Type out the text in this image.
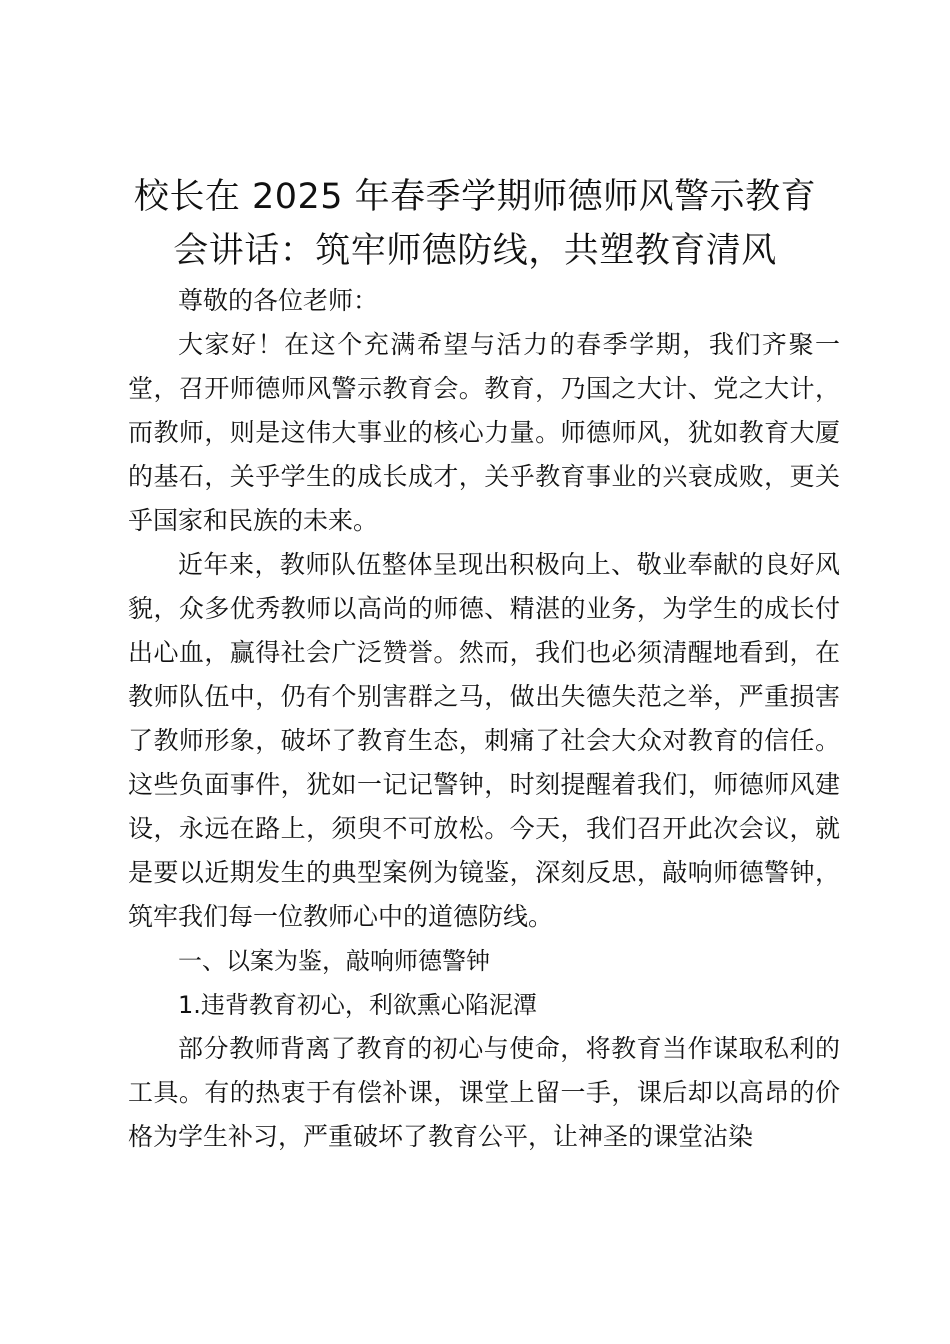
校长在 2025 年春季学期师德师风警示教育
会讲话：筑牢师德防线，共塑教育清风

尊敬的各位老师：

大家好！在这个充满希望与活力的春季学期，我们齐聚一堂，召开师德师风警示教育会。教育，乃国之大计、党之大计，而教师，则是这伟大事业的核心力量。师德师风，犹如教育大厦的基石，关乎学生的成长成才，关乎教育事业的兴衰成败，更关乎国家和民族的未来。

近年来，教师队伍整体呈现出积极向上、敬业奉献的良好风貌，众多优秀教师以高尚的师德、精湛的业务，为学生的成长付出心血，赢得社会广泛赞誉。然而，我们也必须清醒地看到，在教师队伍中，仍有个别害群之马，做出失德失范之举，严重损害了教师形象，破坏了教育生态，刺痛了社会大众对教育的信任。这些负面事件，犹如一记记警钟，时刻提醒着我们，师德师风建设，永远在路上，须臾不可放松。今天，我们召开此次会议，就是要以近期发生的典型案例为镜鉴，深刻反思，敲响师德警钟，筑牢我们每一位教师心中的道德防线。

一、以案为鉴，敲响师德警钟

1.违背教育初心，利欲熏心陷泥潭

部分教师背离了教育的初心与使命，将教育当作谋取私利的工具。有的热衷于有偿补课，课堂上留一手，课后却以高昂的价格为学生补习，严重破坏了教育公平，让神圣的课堂沾染
